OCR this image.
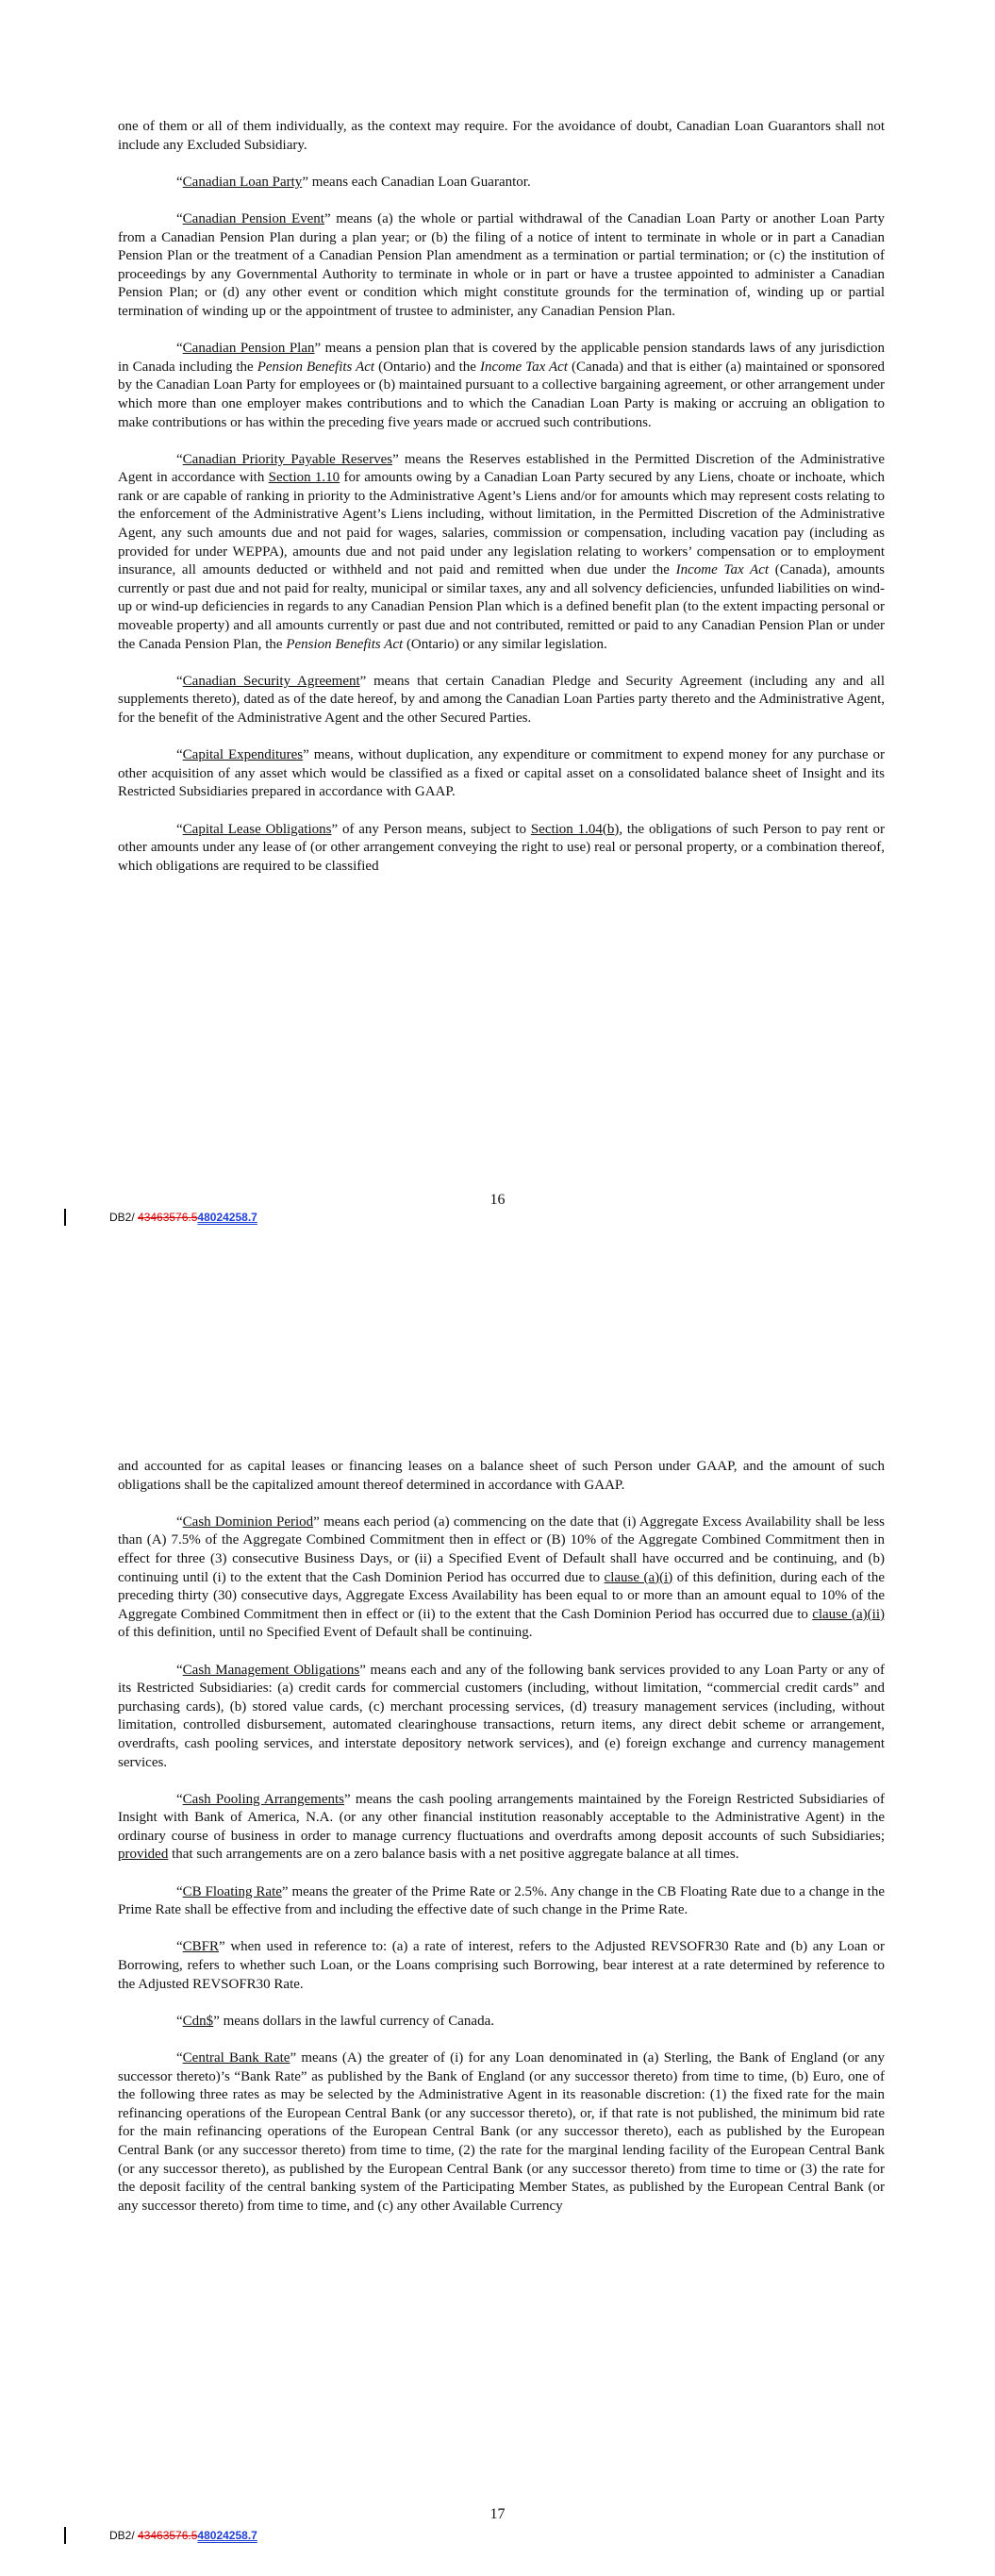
one of them or all of them individually, as the context may require. For the avoidance of doubt, Canadian Loan Guarantors shall not include any Excluded Subsidiary.

“Canadian Loan Party” means each Canadian Loan Guarantor.

“Canadian Pension Event” means (a) the whole or partial withdrawal of the Canadian Loan Party or another Loan Party from a Canadian Pension Plan during a plan year; or (b) the filing of a notice of intent to terminate in whole or in part a Canadian Pension Plan or the treatment of a Canadian Pension Plan amendment as a termination or partial termination; or (c) the institution of proceedings by any Governmental Authority to terminate in whole or in part or have a trustee appointed to administer a Canadian Pension Plan; or (d) any other event or condition which might constitute grounds for the termination of, winding up or partial termination of winding up or the appointment of trustee to administer, any Canadian Pension Plan.

“Canadian Pension Plan” means a pension plan that is covered by the applicable pension standards laws of any jurisdiction in Canada including the Pension Benefits Act (Ontario) and the Income Tax Act (Canada) and that is either (a) maintained or sponsored by the Canadian Loan Party for employees or (b) maintained pursuant to a collective bargaining agreement, or other arrangement under which more than one employer makes contributions and to which the Canadian Loan Party is making or accruing an obligation to make contributions or has within the preceding five years made or accrued such contributions.

“Canadian Priority Payable Reserves” means the Reserves established in the Permitted Discretion of the Administrative Agent in accordance with Section 1.10 for amounts owing by a Canadian Loan Party secured by any Liens, choate or inchoate, which rank or are capable of ranking in priority to the Administrative Agent’s Liens and/or for amounts which may represent costs relating to the enforcement of the Administrative Agent’s Liens including, without limitation, in the Permitted Discretion of the Administrative Agent, any such amounts due and not paid for wages, salaries, commission or compensation, including vacation pay (including as provided for under WEPPA), amounts due and not paid under any legislation relating to workers’ compensation or to employment insurance, all amounts deducted or withheld and not paid and remitted when due under the Income Tax Act (Canada), amounts currently or past due and not paid for realty, municipal or similar taxes, any and all solvency deficiencies, unfunded liabilities on wind-up or wind-up deficiencies in regards to any Canadian Pension Plan which is a defined benefit plan (to the extent impacting personal or moveable property) and all amounts currently or past due and not contributed, remitted or paid to any Canadian Pension Plan or under the Canada Pension Plan, the Pension Benefits Act (Ontario) or any similar legislation.

“Canadian Security Agreement” means that certain Canadian Pledge and Security Agreement (including any and all supplements thereto), dated as of the date hereof, by and among the Canadian Loan Parties party thereto and the Administrative Agent, for the benefit of the Administrative Agent and the other Secured Parties.

“Capital Expenditures” means, without duplication, any expenditure or commitment to expend money for any purchase or other acquisition of any asset which would be classified as a fixed or capital asset on a consolidated balance sheet of Insight and its Restricted Subsidiaries prepared in accordance with GAAP.

“Capital Lease Obligations” of any Person means, subject to Section 1.04(b), the obligations of such Person to pay rent or other amounts under any lease of (or other arrangement conveying the right to use) real or personal property, or a combination thereof, which obligations are required to be classified

16
DB2/ 43463576.548024258.7

and accounted for as capital leases or financing leases on a balance sheet of such Person under GAAP, and the amount of such obligations shall be the capitalized amount thereof determined in accordance with GAAP.

“Cash Dominion Period” means each period (a) commencing on the date that (i) Aggregate Excess Availability shall be less than (A) 7.5% of the Aggregate Combined Commitment then in effect or (B) 10% of the Aggregate Combined Commitment then in effect for three (3) consecutive Business Days, or (ii) a Specified Event of Default shall have occurred and be continuing, and (b) continuing until (i) to the extent that the Cash Dominion Period has occurred due to clause (a)(i) of this definition, during each of the preceding thirty (30) consecutive days, Aggregate Excess Availability has been equal to or more than an amount equal to 10% of the Aggregate Combined Commitment then in effect or (ii) to the extent that the Cash Dominion Period has occurred due to clause (a)(ii) of this definition, until no Specified Event of Default shall be continuing.

“Cash Management Obligations” means each and any of the following bank services provided to any Loan Party or any of its Restricted Subsidiaries: (a) credit cards for commercial customers (including, without limitation, “commercial credit cards” and purchasing cards), (b) stored value cards, (c) merchant processing services, (d) treasury management services (including, without limitation, controlled disbursement, automated clearinghouse transactions, return items, any direct debit scheme or arrangement, overdrafts, cash pooling services, and interstate depository network services), and (e) foreign exchange and currency management services.

“Cash Pooling Arrangements” means the cash pooling arrangements maintained by the Foreign Restricted Subsidiaries of Insight with Bank of America, N.A. (or any other financial institution reasonably acceptable to the Administrative Agent) in the ordinary course of business in order to manage currency fluctuations and overdrafts among deposit accounts of such Subsidiaries; provided that such arrangements are on a zero balance basis with a net positive aggregate balance at all times.

“CB Floating Rate” means the greater of the Prime Rate or 2.5%. Any change in the CB Floating Rate due to a change in the Prime Rate shall be effective from and including the effective date of such change in the Prime Rate.

“CBFR” when used in reference to: (a) a rate of interest, refers to the Adjusted REVSOFR30 Rate and (b) any Loan or Borrowing, refers to whether such Loan, or the Loans comprising such Borrowing, bear interest at a rate determined by reference to the Adjusted REVSOFR30 Rate.

“Cdn$” means dollars in the lawful currency of Canada.

“Central Bank Rate” means (A) the greater of (i) for any Loan denominated in (a) Sterling, the Bank of England (or any successor thereto)’s “Bank Rate” as published by the Bank of England (or any successor thereto) from time to time, (b) Euro, one of the following three rates as may be selected by the Administrative Agent in its reasonable discretion: (1) the fixed rate for the main refinancing operations of the European Central Bank (or any successor thereto), or, if that rate is not published, the minimum bid rate for the main refinancing operations of the European Central Bank (or any successor thereto), each as published by the European Central Bank (or any successor thereto) from time to time, (2) the rate for the marginal lending facility of the European Central Bank (or any successor thereto), as published by the European Central Bank (or any successor thereto) from time to time or (3) the rate for the deposit facility of the central banking system of the Participating Member States, as published by the European Central Bank (or any successor thereto) from time to time, and (c) any other Available Currency

17
DB2/ 43463576.548024258.7
